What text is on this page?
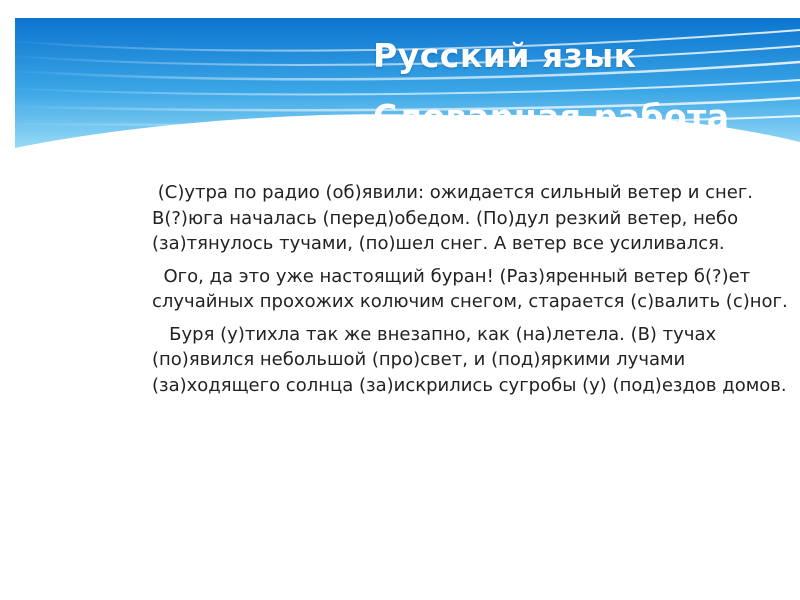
Русский язык
Словарная работа

(С)утра по радио (об)явили: ожидается сильный ветер и снег. В(?)юга началась (перед)обедом. (По)дул резкий ветер, небо (за)тянулось тучами, (по)шел снег. А ветер все усиливался.

Ого, да это уже настоящий буран! (Раз)яренный ветер б(?)ет случайных прохожих колючим снегом, старается (с)валить (с)ног.

Буря (у)тихла так же внезапно, как (на)летела. (В) тучах (по)явился небольшой (про)свет, и (под)яркими лучами (за)ходящего солнца (за)искрились сугробы (у) (под)ездов домов.
